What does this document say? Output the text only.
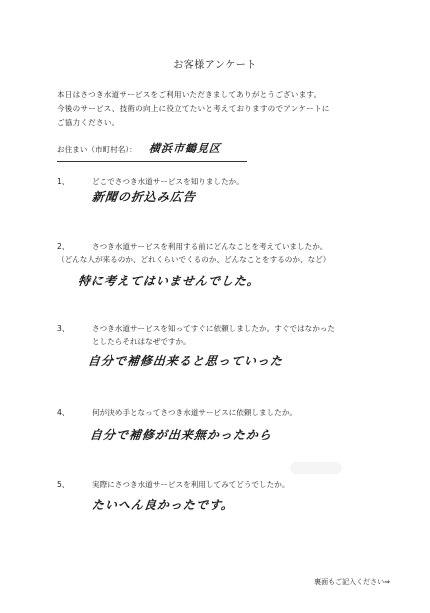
お客様アンケート
本日はさつき水道サービスをご利用いただきましてありがとうございます。
今後のサービス、技術の向上に役立てたいと考えておりますのでアンケートに
ご協力ください。
お住まい（市町村名）： 横浜市鶴見区
1、	どこでさつき水道サービスを知りましたか。
新聞の折込み広告
2、	さつき水道サービスを利用する前にどんなことを考えていましたか。
（どんな人が来るのか、どれくらいでくるのか、どんなことをするのか、など）
特に考えてはいませんでした。
3、	さつき水道サービスを知ってすぐに依頼しましたか。すぐではなかった
としたらそれはなぜですか。
自分で補修出来ると思っていった
4、	何が決め手となってさつき水道サービスに依頼しましたか。
自分で補修が出来無かったから
5、	実際にさつき水道サービスを利用してみてどうでしたか。
たいへん良かったです。
裏面もご記入ください⇒
